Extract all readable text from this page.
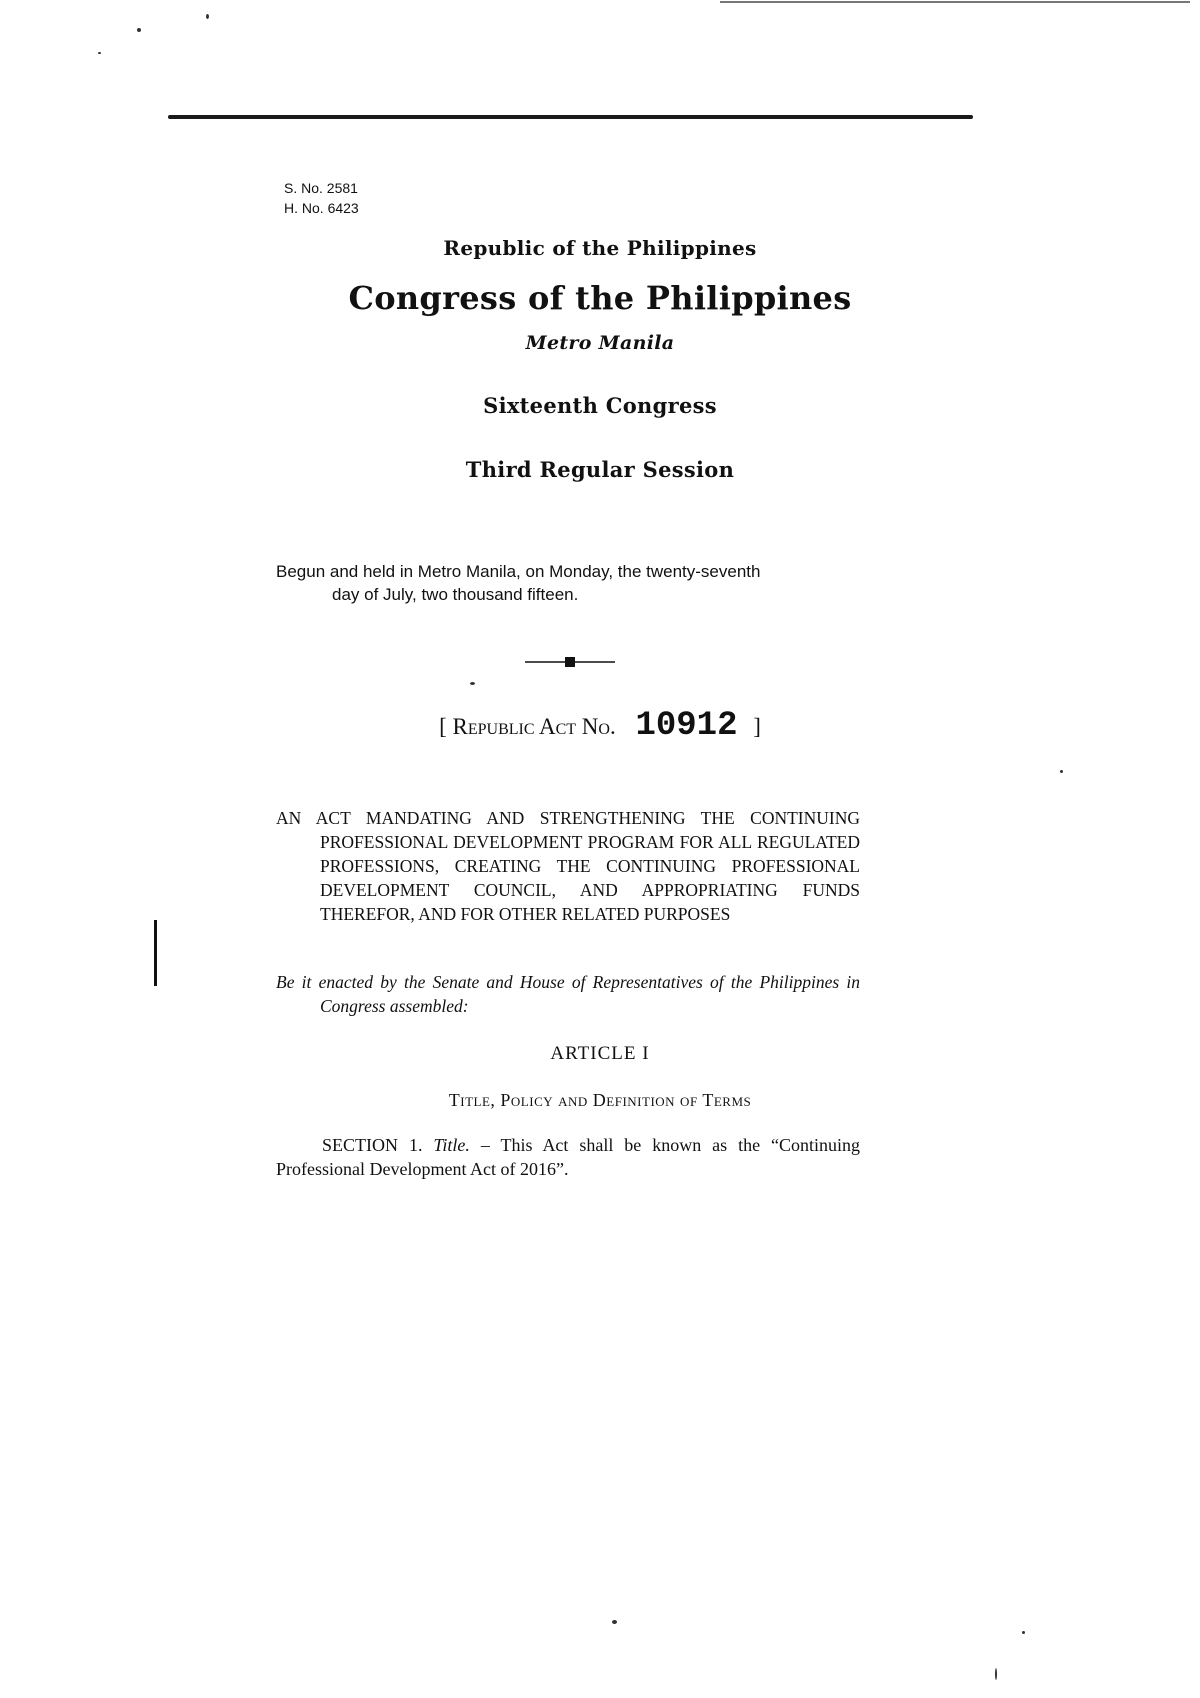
S. No. 2581
H. No. 6423
Republic of the Philippines
Congress of the Philippines
Metro Manila
Sixteenth Congress
Third Regular Session
Begun and held in Metro Manila, on Monday, the twenty-seventh
day of July, two thousand fifteen.
[ Republic Act No. 10912 ]
AN ACT MANDATING AND STRENGTHENING THE CONTINUING PROFESSIONAL DEVELOPMENT PROGRAM FOR ALL REGULATED PROFESSIONS, CREATING THE CONTINUING PROFESSIONAL DEVELOPMENT COUNCIL, AND APPROPRIATING FUNDS THEREFOR, AND FOR OTHER RELATED PURPOSES
Be it enacted by the Senate and House of Representatives of the Philippines in Congress assembled:
ARTICLE I
Title, Policy and Definition of Terms
SECTION 1. Title. – This Act shall be known as the “Continuing Professional Development Act of 2016”.
